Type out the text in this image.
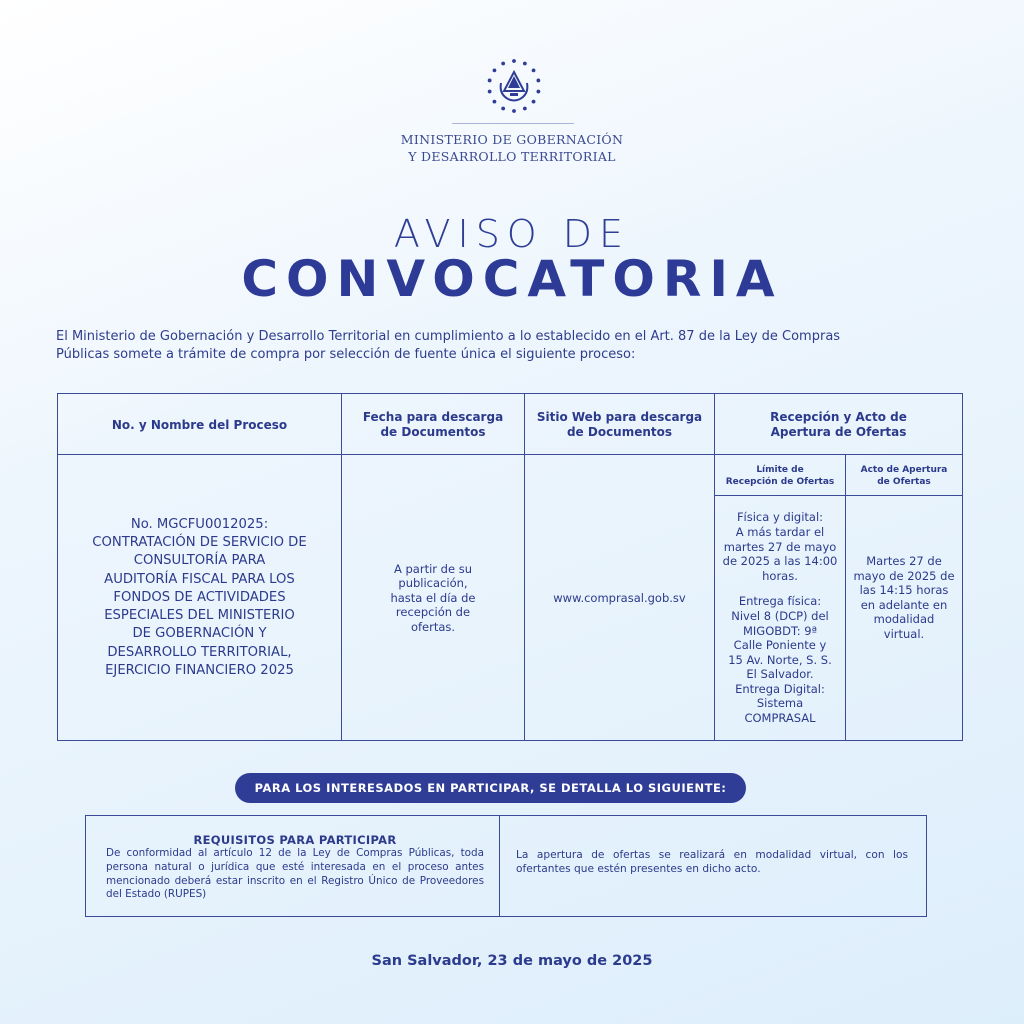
MINISTERIO DE GOBERNACIÓN
Y DESARROLLO TERRITORIAL
AVISO DE
CONVOCATORIA
El Ministerio de Gobernación y Desarrollo Territorial en cumplimiento a lo establecido en el Art. 87 de la Ley de Compras
Públicas somete a trámite de compra por selección de fuente única el siguiente proceso:
No. y Nombre del Proceso
Fecha para descarga
de Documentos
Sitio Web para descarga
de Documentos
Recepción y Acto de
Apertura de Ofertas
Límite de
Recepción de Ofertas
Acto de Apertura
de Ofertas
No. MGCFU0012025:
CONTRATACIÓN DE SERVICIO DE
CONSULTORÍA PARA
AUDITORÍA FISCAL PARA LOS
FONDOS DE ACTIVIDADES
ESPECIALES DEL MINISTERIO
DE GOBERNACIÓN Y
DESARROLLO TERRITORIAL,
EJERCICIO FINANCIERO 2025
A partir de su
publicación,
hasta el día de
recepción de
ofertas.
www.comprasal.gob.sv
Física y digital:
A más tardar el
martes 27 de mayo
de 2025 a las 14:00
horas.
Entrega física:
Nivel 8 (DCP) del
MIGOBDT: 9ª
Calle Poniente y
15 Av. Norte, S. S.
El Salvador.
Entrega Digital:
Sistema
COMPRASAL
Martes 27 de
mayo de 2025 de
las 14:15 horas
en adelante en
modalidad
virtual.
PARA LOS INTERESADOS EN PARTICIPAR, SE DETALLA LO SIGUIENTE:
REQUISITOS PARA PARTICIPAR
De conformidad al artículo 12 de la Ley de Compras Públicas, toda persona natural o jurídica que esté interesada en el proceso antes mencionado deberá estar inscrito en el Registro Único de Proveedores del Estado (RUPES)
La apertura de ofertas se realizará en modalidad virtual, con los ofertantes que estén presentes en dicho acto.
San Salvador, 23 de mayo de 2025
